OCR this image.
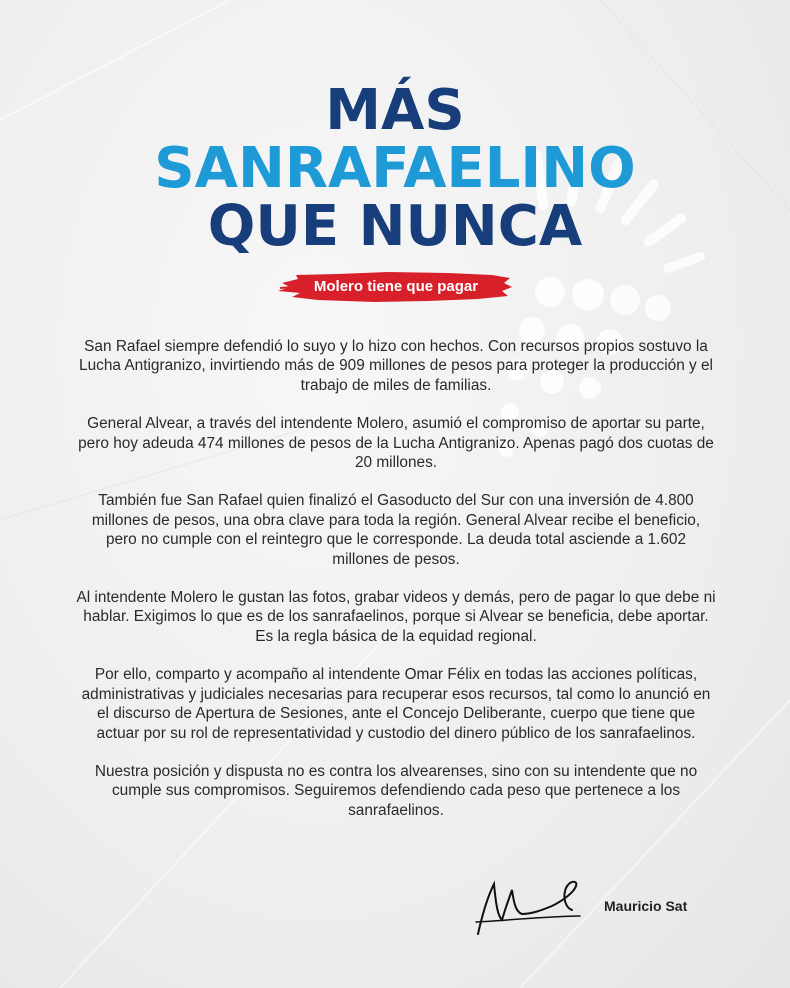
MÁS
SANRAFAELINO
QUE NUNCA
Molero tiene que pagar

San Rafael siempre defendió lo suyo y lo hizo con hechos. Con recursos propios sostuvo la Lucha Antigranizo, invirtiendo más de 909 millones de pesos para proteger la producción y el trabajo de miles de familias.

General Alvear, a través del intendente Molero, asumió el compromiso de aportar su parte, pero hoy adeuda 474 millones de pesos de la Lucha Antigranizo. Apenas pagó dos cuotas de 20 millones.

También fue San Rafael quien finalizó el Gasoducto del Sur con una inversión de 4.800 millones de pesos, una obra clave para toda la región. General Alvear recibe el beneficio, pero no cumple con el reintegro que le corresponde. La deuda total asciende a 1.602 millones de pesos.

Al intendente Molero le gustan las fotos, grabar videos y demás, pero de pagar lo que debe ni hablar. Exigimos lo que es de los sanrafaelinos, porque si Alvear se beneficia, debe aportar. Es la regla básica de la equidad regional.

Por ello, comparto y acompaño al intendente Omar Félix en todas las acciones políticas, administrativas y judiciales necesarias para recuperar esos recursos, tal como lo anunció en el discurso de Apertura de Sesiones, ante el Concejo Deliberante, cuerpo que tiene que actuar por su rol de representatividad y custodio del dinero público de los sanrafaelinos.

Nuestra posición y dispusta no es contra los alvearenses, sino con su intendente que no cumple sus compromisos. Seguiremos defendiendo cada peso que pertenece a los sanrafaelinos.

Mauricio Sat
